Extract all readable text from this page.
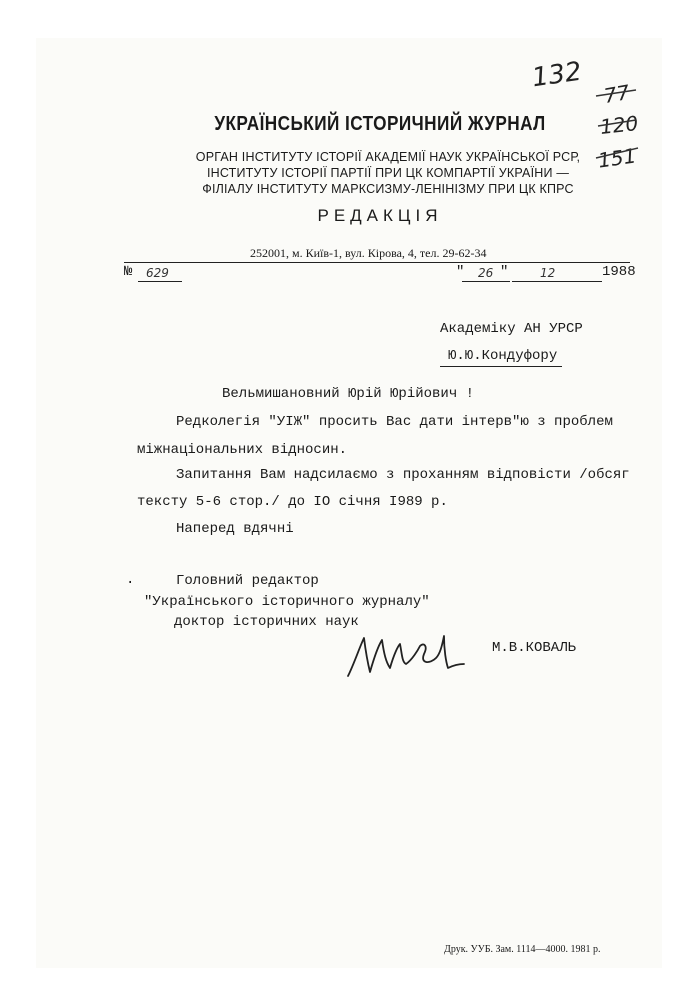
132
77
120
151
УКРАЇНСЬКИЙ ІСТОРИЧНИЙ ЖУРНАЛ
ОРГАН ІНСТИТУТУ ІСТОРІЇ АКАДЕМІЇ НАУК УКРАЇНСЬКОЇ РСР,
ІНСТИТУТУ ІСТОРІЇ ПАРТІЇ ПРИ ЦК КОМПАРТІЇ УКРАЇНИ —
ФІЛІАЛУ ІНСТИТУТУ МАРКСИЗМУ-ЛЕНІНІЗМУ ПРИ ЦК КПРС
РЕДАКЦІЯ
252001, м. Київ-1, вул. Кірова, 4, тел. 29-62-34
№ 629	" 26 "	12	1988
Академіку АН УРСР
Ю.Ю.Кондуфору
Вельмишановний Юрій Юрійович !
Редколегія "УІЖ" просить Вас дати інтерв"ю з проблем
міжнаціональних відносин.
Запитання Вам надсилаємо з проханням відповісти /обсяг
тексту 5-6 стор./ до IО січня I989 р.
Наперед вдячні
.	Головний редактор
"Українського історичного журналу"
доктор історичних наук
М.В.КОВАЛЬ
Друк. УУБ. Зам. 1114—4000. 1981 р.
